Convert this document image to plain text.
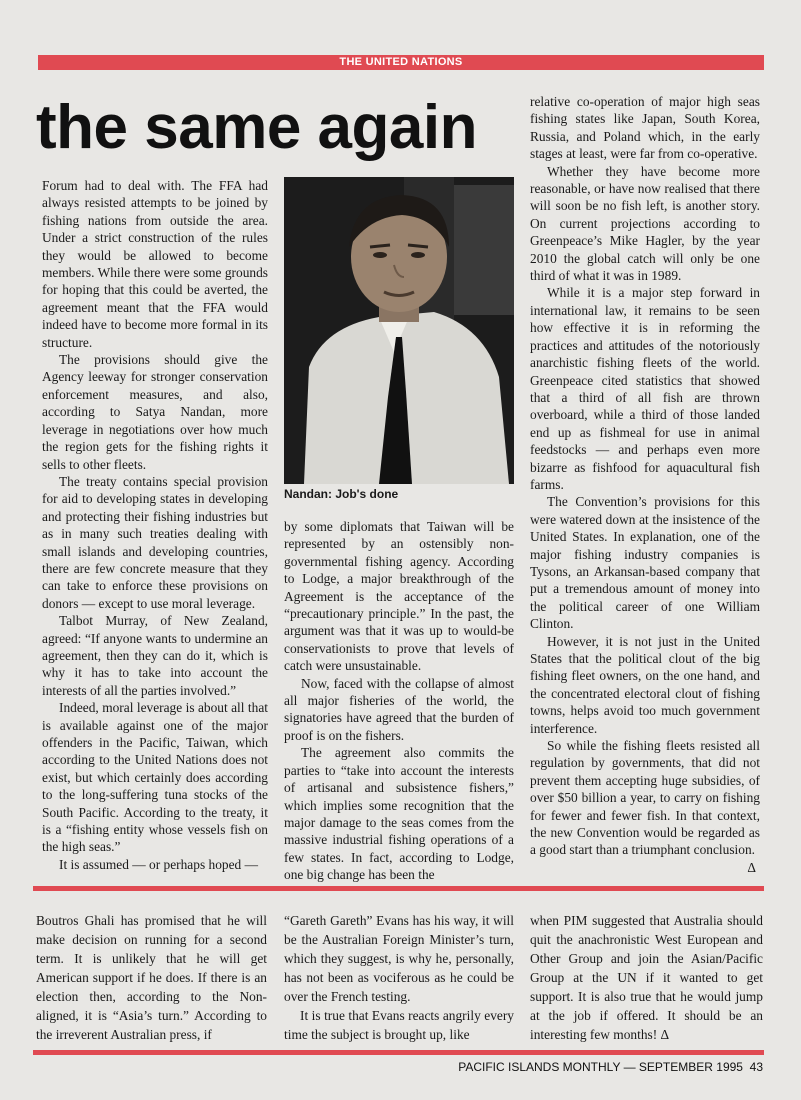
THE UNITED NATIONS
the same again

Forum had to deal with. The FFA had always resisted attempts to be joined by fishing nations from outside the area. Under a strict construction of the rules they would be allowed to become members. While there were some grounds for hoping that this could be averted, the agreement meant that the FFA would indeed have to become more formal in its structure.

The provisions should give the Agency leeway for stronger conservation enforcement measures, and also, according to Satya Nandan, more leverage in negotiations over how much the region gets for the fishing rights it sells to other fleets.

The treaty contains special provision for aid to developing states in developing and protecting their fishing industries but as in many such treaties dealing with small islands and developing countries, there are few concrete measure that they can take to enforce these provisions on donors — except to use moral leverage.

Talbot Murray, of New Zealand, agreed: “If anyone wants to undermine an agreement, then they can do it, which is why it has to take into account the interests of all the parties involved.”

Indeed, moral leverage is about all that is available against one of the major offenders in the Pacific, Taiwan, which according to the United Nations does not exist, but which certainly does according to the long-suffering tuna stocks of the South Pacific. According to the treaty, it is a “fishing entity whose vessels fish on the high seas.”

It is assumed — or perhaps hoped —

Nandan: Job's done

by some diplomats that Taiwan will be represented by an ostensibly non-governmental fishing agency. According to Lodge, a major breakthrough of the Agreement is the acceptance of the “precautionary principle.” In the past, the argument was that it was up to would-be conservationists to prove that levels of catch were unsustainable.

Now, faced with the collapse of almost all major fisheries of the world, the signatories have agreed that the burden of proof is on the fishers.

The agreement also commits the parties to “take into account the interests of artisanal and subsistence fishers,” which implies some recognition that the major damage to the seas comes from the massive industrial fishing operations of a few states. In fact, according to Lodge, one big change has been the

relative co-operation of major high seas fishing states like Japan, South Korea, Russia, and Poland which, in the early stages at least, were far from co-operative.

Whether they have become more reasonable, or have now realised that there will soon be no fish left, is another story. On current projections according to Greenpeace’s Mike Hagler, by the year 2010 the global catch will only be one third of what it was in 1989.

While it is a major step forward in international law, it remains to be seen how effective it is in reforming the practices and attitudes of the notoriously anarchistic fishing fleets of the world. Greenpeace cited statistics that showed that a third of all fish are thrown overboard, while a third of those landed end up as fishmeal for use in animal feedstocks — and perhaps even more bizarre as fishfood for aquacultural fish farms.

The Convention’s provisions for this were watered down at the insistence of the United States. In explanation, one of the major fishing industry companies is Tysons, an Arkansan-based company that put a tremendous amount of money into the political career of one William Clinton.

However, it is not just in the United States that the political clout of the big fishing fleet owners, on the one hand, and the concentrated electoral clout of fishing towns, helps avoid too much government interference.

So while the fishing fleets resisted all regulation by governments, that did not prevent them accepting huge subsidies, of over $50 billion a year, to carry on fishing for fewer and fewer fish. In that context, the new Convention would be regarded as a good start than a triumphant conclusion.
Δ

Boutros Ghali has promised that he will make decision on running for a second term. It is unlikely that he will get American support if he does. If there is an election then, according to the Non-aligned, it is “Asia’s turn.” According to the irreverent Australian press, if

“Gareth Gareth” Evans has his way, it will be the Australian Foreign Minister’s turn, which they suggest, is why he, personally, has not been as vociferous as he could be over the French testing.

It is true that Evans reacts angrily every time the subject is brought up, like

when PIM suggested that Australia should quit the anachronistic West European and Other Group and join the Asian/Pacific Group at the UN if it wanted to get support. It is also true that he would jump at the job if offered. It should be an interesting few months! Δ

PACIFIC ISLANDS MONTHLY — SEPTEMBER 1995 43
